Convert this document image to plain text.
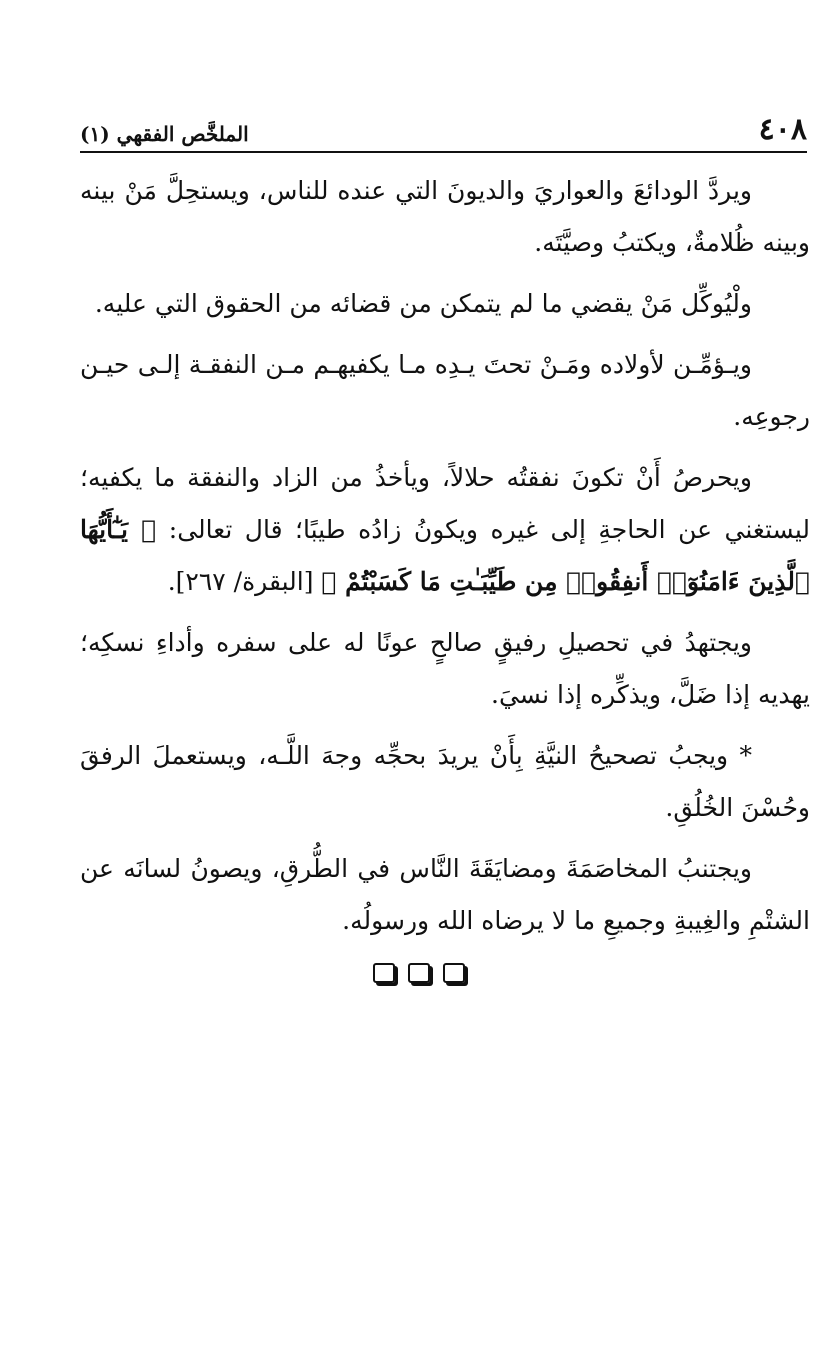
٤٠٨
الملخَّص الفقهي (١)

ويردَّ الودائعَ والعواريَ والديونَ التي عنده للناس، ويستحِلَّ مَنْ بينه وبينه ظُلامةٌ، ويكتبُ وصيَّتَه.

ولْيُوكِّل مَنْ يقضي ما لم يتمكن من قضائه من الحقوق التي عليه.

ويـؤمِّـن لأولاده ومَـنْ تحتَ يـدِه مـا يكفيهـم مـن النفقـة إلـى حيـن رجوعِه.

ويحرصُ أَنْ تكونَ نفقتُه حلالاً، ويأخذُ من الزاد والنفقة ما يكفيه؛ ليستغني عن الحاجةِ إلى غيره ويكونُ زادُه طيبًا؛ قال تعالى: ﴿ يَـٰٓأَيُّهَا ٱلَّذِينَ ءَامَنُوٓا۟ أَنفِقُوا۟ مِن طَيِّبَـٰتِ مَا كَسَبْتُمْ ﴾ [البقرة/ ٢٦٧].

ويجتهدُ في تحصيلِ رفيقٍ صالحٍ عونًا له على سفره وأداءِ نسكِه؛ يهديه إذا ضَلَّ، ويذكِّره إذا نسيَ.

* ويجبُ تصحيحُ النيَّةِ بِأَنْ يريدَ بحجِّه وجهَ اللَّـه، ويستعملَ الرفقَ وحُسْنَ الخُلُقِ.

ويجتنبُ المخاصَمَةَ ومضايَقَةَ النَّاس في الطُّرقِ، ويصونُ لسانَه عن الشتْمِ والغِيبةِ وجميعِ ما لا يرضاه الله ورسولُه.
